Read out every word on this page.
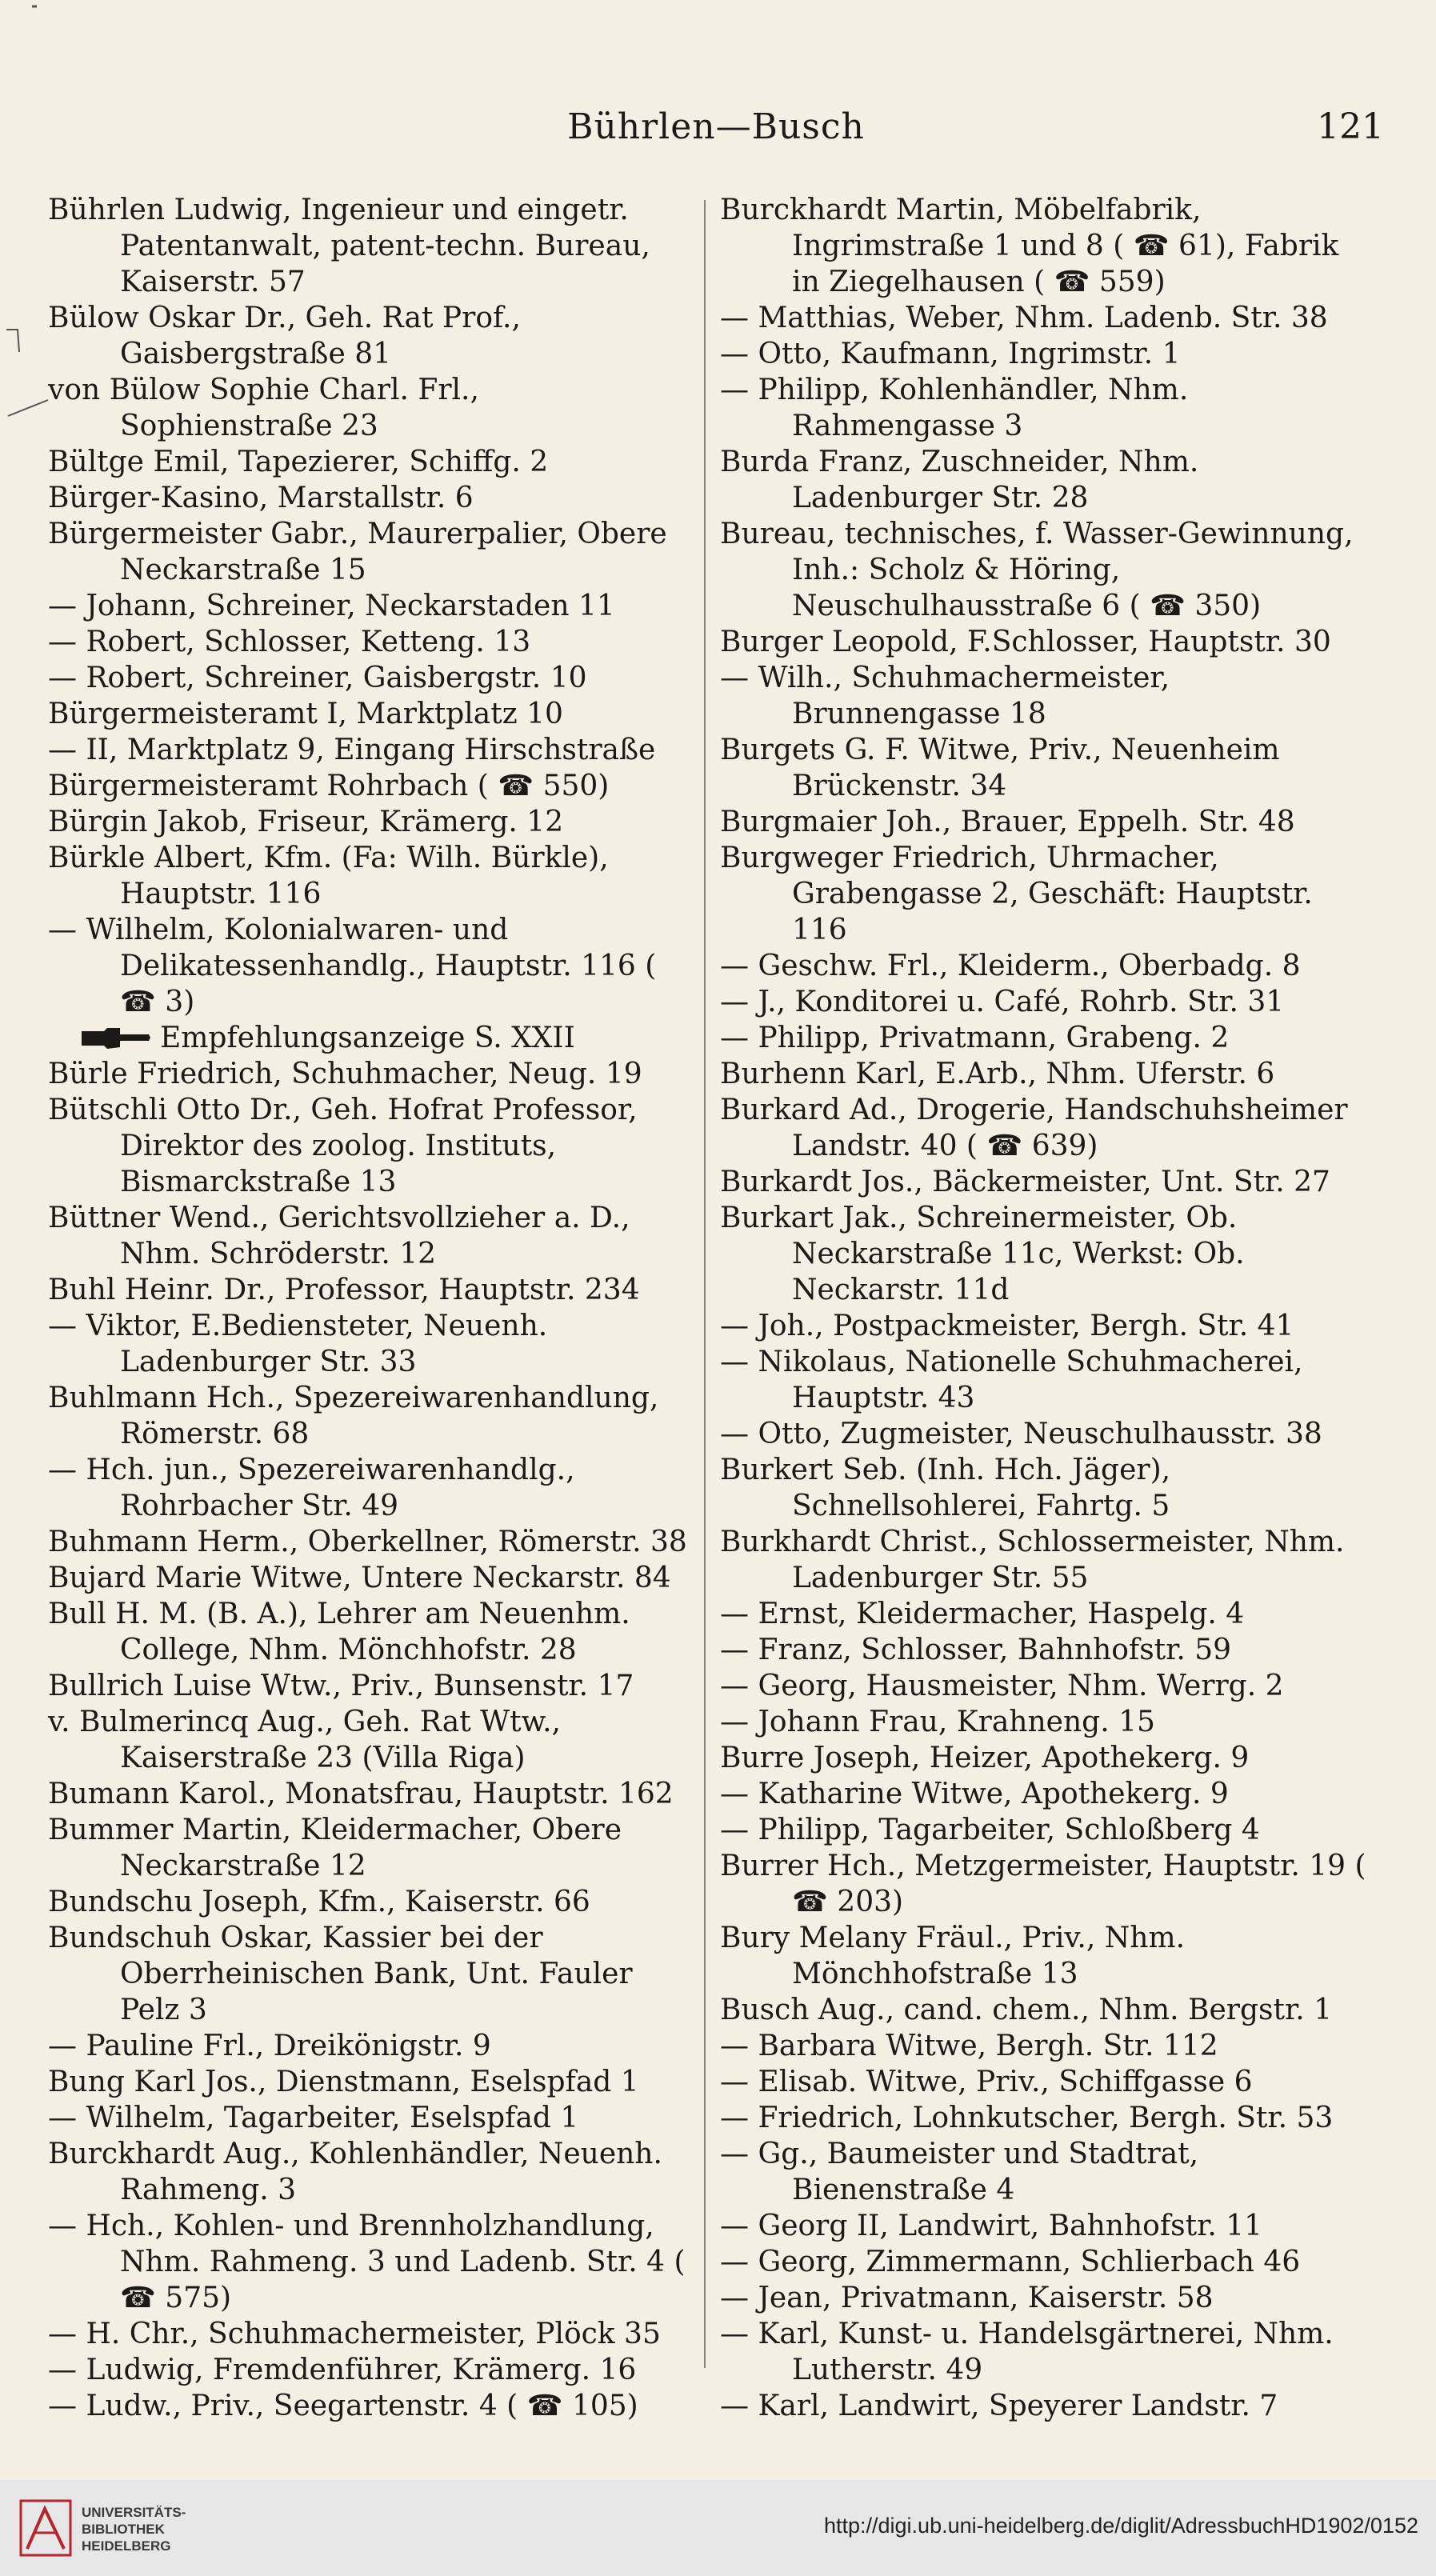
Bührlen—Busch	121

Bührlen Ludwig, Ingenieur und eingetr. Patentanwalt, patent-techn. Bureau, Kaiserstr. 57

Bülow Oskar Dr., Geh. Rat Prof., Gaisbergstraße 81

von Bülow Sophie Charl. Frl., Sophienstraße 23

Bültge Emil, Tapezierer, Schiffg. 2

Bürger-Kasino, Marstallstr. 6

Bürgermeister Gabr., Maurerpalier, Obere Neckarstraße 15

— Johann, Schreiner, Neckarstaden 11

— Robert, Schlosser, Ketteng. 13

— Robert, Schreiner, Gaisbergstr. 10

Bürgermeisteramt I, Marktplatz 10

— II, Marktplatz 9, Eingang Hirschstraße

Bürgermeisteramt Rohrbach ( ☎ 550)

Bürgin Jakob, Friseur, Krämerg. 12

Bürkle Albert, Kfm. (Fa: Wilh. Bürkle), Hauptstr. 116

— Wilhelm, Kolonialwaren- und Delikatessenhandlg., Hauptstr. 116 ( ☎ 3)

Empfehlungsanzeige S. XXII

Bürle Friedrich, Schuhmacher, Neug. 19

Bütschli Otto Dr., Geh. Hofrat Professor, Direktor des zoolog. Instituts, Bismarckstraße 13

Büttner Wend., Gerichtsvollzieher a. D., Nhm. Schröderstr. 12

Buhl Heinr. Dr., Professor, Hauptstr. 234

— Viktor, E.Bediensteter, Neuenh. Ladenburger Str. 33

Buhlmann Hch., Spezereiwarenhandlung, Römerstr. 68

— Hch. jun., Spezereiwarenhandlg., Rohrbacher Str. 49

Buhmann Herm., Oberkellner, Römerstr. 38

Bujard Marie Witwe, Untere Neckarstr. 84

Bull H. M. (B. A.), Lehrer am Neuenhm. College, Nhm. Mönchhofstr. 28

Bullrich Luise Wtw., Priv., Bunsenstr. 17

v. Bulmerincq Aug., Geh. Rat Wtw., Kaiserstraße 23 (Villa Riga)

Bumann Karol., Monatsfrau, Hauptstr. 162

Bummer Martin, Kleidermacher, Obere Neckarstraße 12

Bundschu Joseph, Kfm., Kaiserstr. 66

Bundschuh Oskar, Kassier bei der Oberrheinischen Bank, Unt. Fauler Pelz 3

— Pauline Frl., Dreikönigstr. 9

Bung Karl Jos., Dienstmann, Eselspfad 1

— Wilhelm, Tagarbeiter, Eselspfad 1

Burckhardt Aug., Kohlenhändler, Neuenh. Rahmeng. 3

— Hch., Kohlen- und Brennholzhandlung, Nhm. Rahmeng. 3 und Ladenb. Str. 4 ( ☎ 575)

— H. Chr., Schuhmachermeister, Plöck 35

— Ludwig, Fremdenführer, Krämerg. 16

— Ludw., Priv., Seegartenstr. 4 ( ☎ 105)

Burckhardt Martin, Möbelfabrik, Ingrimstraße 1 und 8 ( ☎ 61), Fabrik in Ziegelhausen ( ☎ 559)

— Matthias, Weber, Nhm. Ladenb. Str. 38

— Otto, Kaufmann, Ingrimstr. 1

— Philipp, Kohlenhändler, Nhm. Rahmengasse 3

Burda Franz, Zuschneider, Nhm. Ladenburger Str. 28

Bureau, technisches, f. Wasser-Gewinnung, Inh.: Scholz & Höring, Neuschulhausstraße 6 ( ☎ 350)

Burger Leopold, F.Schlosser, Hauptstr. 30

— Wilh., Schuhmachermeister, Brunnengasse 18

Burgets G. F. Witwe, Priv., Neuenheim Brückenstr. 34

Burgmaier Joh., Brauer, Eppelh. Str. 48

Burgweger Friedrich, Uhrmacher, Grabengasse 2, Geschäft: Hauptstr. 116

— Geschw. Frl., Kleiderm., Oberbadg. 8

— J., Konditorei u. Café, Rohrb. Str. 31

— Philipp, Privatmann, Grabeng. 2

Burhenn Karl, E.Arb., Nhm. Uferstr. 6

Burkard Ad., Drogerie, Handschuhsheimer Landstr. 40 ( ☎ 639)

Burkardt Jos., Bäckermeister, Unt. Str. 27

Burkart Jak., Schreinermeister, Ob. Neckarstraße 11c, Werkst: Ob. Neckarstr. 11d

— Joh., Postpackmeister, Bergh. Str. 41

— Nikolaus, Nationelle Schuhmacherei, Hauptstr. 43

— Otto, Zugmeister, Neuschulhausstr. 38

Burkert Seb. (Inh. Hch. Jäger), Schnellsohlerei, Fahrtg. 5

Burkhardt Christ., Schlossermeister, Nhm. Ladenburger Str. 55

— Ernst, Kleidermacher, Haspelg. 4

— Franz, Schlosser, Bahnhofstr. 59

— Georg, Hausmeister, Nhm. Werrg. 2

— Johann Frau, Krahneng. 15

Burre Joseph, Heizer, Apothekerg. 9

— Katharine Witwe, Apothekerg. 9

— Philipp, Tagarbeiter, Schloßberg 4

Burrer Hch., Metzgermeister, Hauptstr. 19 ( ☎ 203)

Bury Melany Fräul., Priv., Nhm. Mönchhofstraße 13

Busch Aug., cand. chem., Nhm. Bergstr. 1

— Barbara Witwe, Bergh. Str. 112

— Elisab. Witwe, Priv., Schiffgasse 6

— Friedrich, Lohnkutscher, Bergh. Str. 53

— Gg., Baumeister und Stadtrat, Bienenstraße 4

— Georg II, Landwirt, Bahnhofstr. 11

— Georg, Zimmermann, Schlierbach 46

— Jean, Privatmann, Kaiserstr. 58

— Karl, Kunst- u. Handelsgärtnerei, Nhm. Lutherstr. 49

— Karl, Landwirt, Speyerer Landstr. 7

UNIVERSITÄTS-
BIBLIOTHEK
HEIDELBERG
http://digi.ub.uni-heidelberg.de/diglit/AdressbuchHD1902/0152
